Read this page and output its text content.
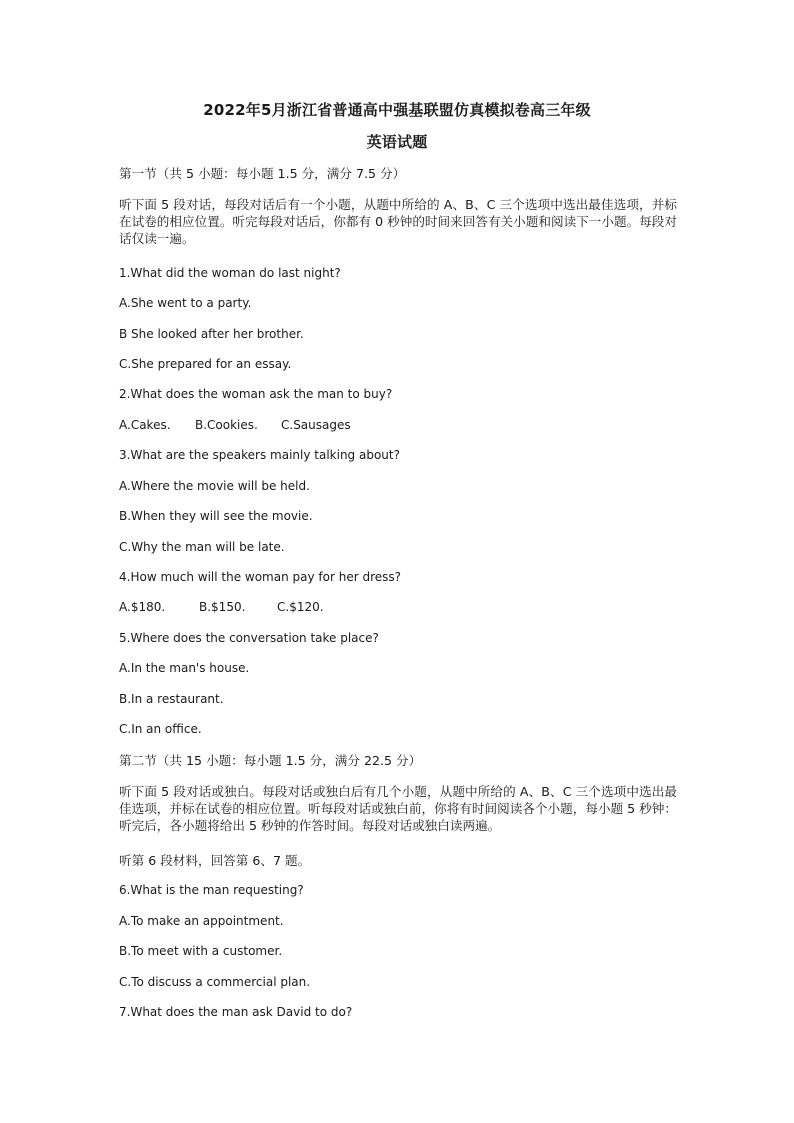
2022年5月浙江省普通高中强基联盟仿真模拟卷高三年级
英语试题
第一节（共 5 小题：每小题 1.5 分，满分 7.5 分）
听下面 5 段对话，每段对话后有一个小题，从题中所给的 A、B、C 三个选项中选出最佳选项，并标在试卷的相应位置。听完每段对话后，你都有 0 秒钟的时间来回答有关小题和阅读下一小题。每段对话仅读一遍。
1.What did the woman do last night?
A.She went to a party.
B She looked after her brother.
C.She prepared for an essay.
2.What does the woman ask the man to buy?
A.Cakes. B.Cookies. C.Sausages
3.What are the speakers mainly talking about?
A.Where the movie will be held.
B.When they will see the movie.
C.Why the man will be late.
4.How much will the woman pay for her dress?
A.$180.	B.$150.	C.$120.
5.Where does the conversation take place?
A.In the man's house.
B.In a restaurant.
C.In an office.
第二节（共 15 小题：每小题 1.5 分，满分 22.5 分）
听下面 5 段对话或独白。每段对话或独白后有几个小题，从题中所给的 A、B、C 三个选项中选出最佳选项，并标在试卷的相应位置。听每段对话或独白前，你将有时间阅读各个小题，每小题 5 秒钟：听完后，各小题将给出 5 秒钟的作答时间。每段对话或独白读两遍。
听第 6 段材料，回答第 6、7 题。
6.What is the man requesting?
A.To make an appointment.
B.To meet with a customer.
C.To discuss a commercial plan.
7.What does the man ask David to do?
